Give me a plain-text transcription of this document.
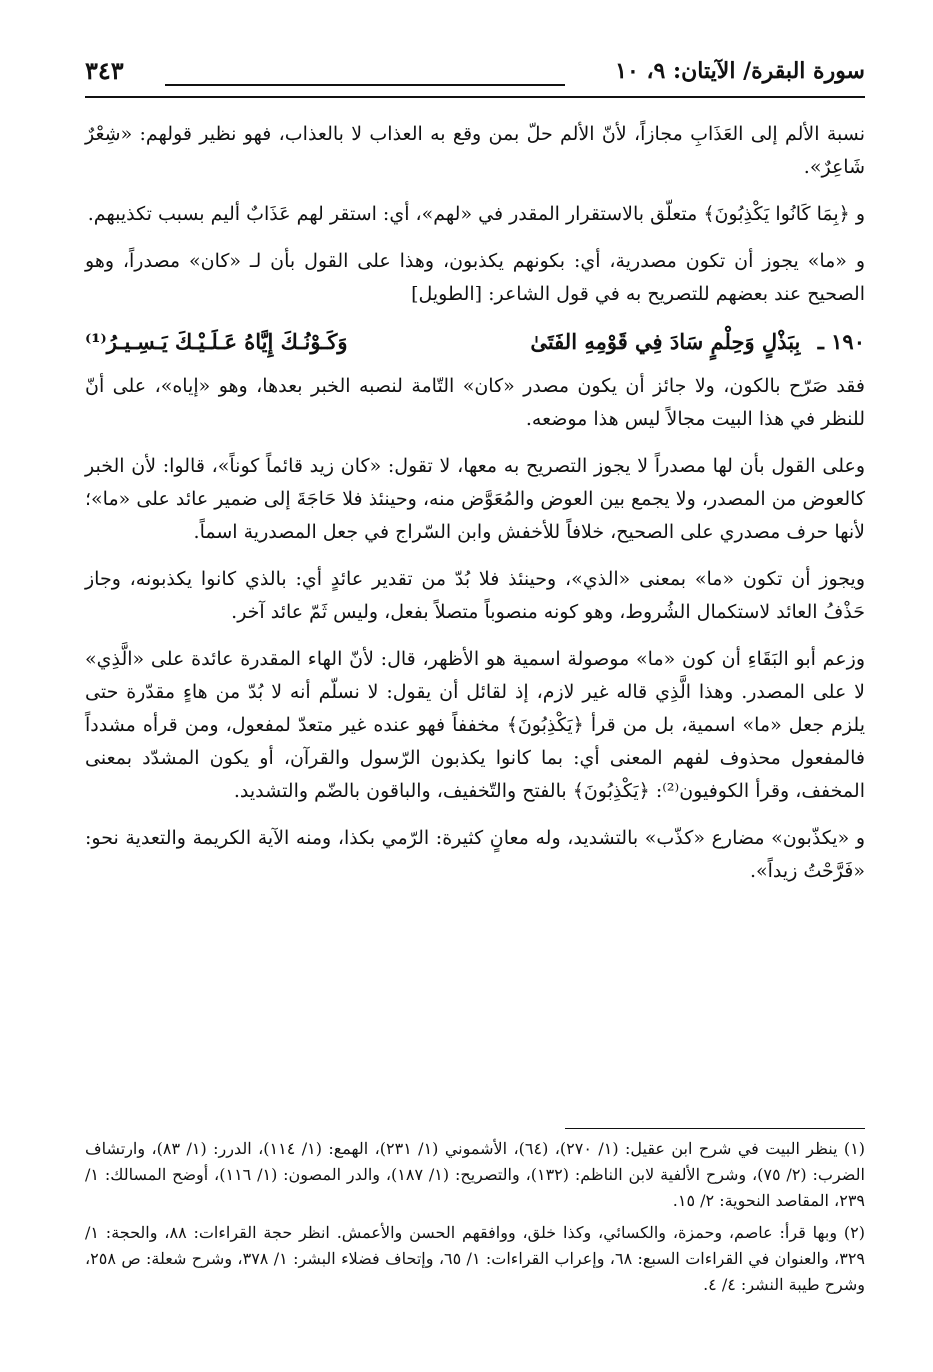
سورة البقرة/ الآيتان: ٩، ١٠
٣٤٣

نسبة الألم إلى العَذَابِ مجازاً، لأنّ الألم حلّ بمن وقع به العذاب لا بالعذاب، فهو نظير قولهم: «شِعْرٌ شَاعِرٌ».

و ﴿بِمَا كَانُوا يَكْذِبُونَ﴾ متعلّق بالاستقرار المقدر في «لهم»، أي: استقر لهم عَذَابٌ أليم بسبب تكذيبهم.

و «ما» يجوز أن تكون مصدرية، أي: بكونهم يكذبون، وهذا على القول بأن لـ «كان» مصدراً، وهو الصحيح عند بعضهم للتصريح به في قول الشاعر: [الطويل]

١٩٠ ـ بِبَذْلٍ وَحِلْمٍ سَادَ فِي قَوْمِهِ الفَتَىٰ
وَكَـوْنُـكَ إِيَّاهُ عَـلَـيْـكَ يَـسِـيـرُ⁽¹⁾

فقد صَرّح بالكون، ولا جائز أن يكون مصدر «كان» التّامة لنصبه الخبر بعدها، وهو «إياه»، على أنّ للنظر في هذا البيت مجالاً ليس هذا موضعه.

وعلى القول بأن لها مصدراً لا يجوز التصريح به معها، لا تقول: «كان زيد قائماً كوناً»، قالوا: لأن الخبر كالعوض من المصدر، ولا يجمع بين العوض والمُعَوَّض منه، وحينئذ فلا حَاجَةَ إلى ضمير عائد على «ما»؛ لأنها حرف مصدري على الصحيح، خلافاً للأخفش وابن السّراج في جعل المصدرية اسماً.

ويجوز أن تكون «ما» بمعنى «الذي»، وحينئذ فلا بُدّ من تقدير عائدٍ أي: بالذي كانوا يكذبونه، وجاز حَذْفُ العائد لاستكمال الشُروط، وهو كونه منصوباً متصلاً بفعل، وليس ثَمّ عائد آخر.

وزعم أبو البَقَاءِ أن كون «ما» موصولة اسمية هو الأظهر، قال: لأنّ الهاء المقدرة عائدة على «الَّذِي» لا على المصدر. وهذا الَّذِي قاله غير لازم، إذ لقائل أن يقول: لا نسلّم أنه لا بُدّ من هاءٍ مقدّرة حتى يلزم جعل «ما» اسمية، بل من قرأ ﴿يَكْذِبُونَ﴾ مخففاً فهو عنده غير متعدّ لمفعول، ومن قرأه مشدداً فالمفعول محذوف لفهم المعنى أي: بما كانوا يكذبون الرّسول والقرآن، أو يكون المشدّد بمعنى المخفف، وقرأ الكوفيون⁽²⁾: ﴿يَكْذِبُونَ﴾ بالفتح والتّخفيف، والباقون بالضّم والتشديد.

و «يكذّبون» مضارع «كذّب» بالتشديد، وله معانٍ كثيرة: الرّمي بكذا، ومنه الآية الكريمة والتعدية نحو: «فَرَّحْتُ زيداً».

(١) ينظر البيت في شرح ابن عقيل: (١/ ٢٧٠)، (٦٤)، الأشموني (١/ ٢٣١)، الهمع: (١/ ١١٤)، الدرر: (١/ ٨٣)، وارتشاف الضرب: (٢/ ٧٥)، وشرح الألفية لابن الناظم: (١٣٢)، والتصريح: (١/ ١٨٧)، والدر المصون: (١/ ١١٦)، أوضح المسالك: ١/ ٢٣٩، المقاصد النحوية: ٢/ ١٥.

(٢) وبها قرأ: عاصم، وحمزة، والكسائي، وكذا خلق، ووافقهم الحسن والأعمش. انظر حجة القراءات: ٨٨، والحجة: ١/ ٣٢٩، والعنوان في القراءات السبع: ٦٨، وإعراب القراءات: ١/ ٦٥، وإتحاف فضلاء البشر: ١/ ٣٧٨، وشرح شعلة: ص ٢٥٨، وشرح طيبة النشر: ٤/ ٤.
